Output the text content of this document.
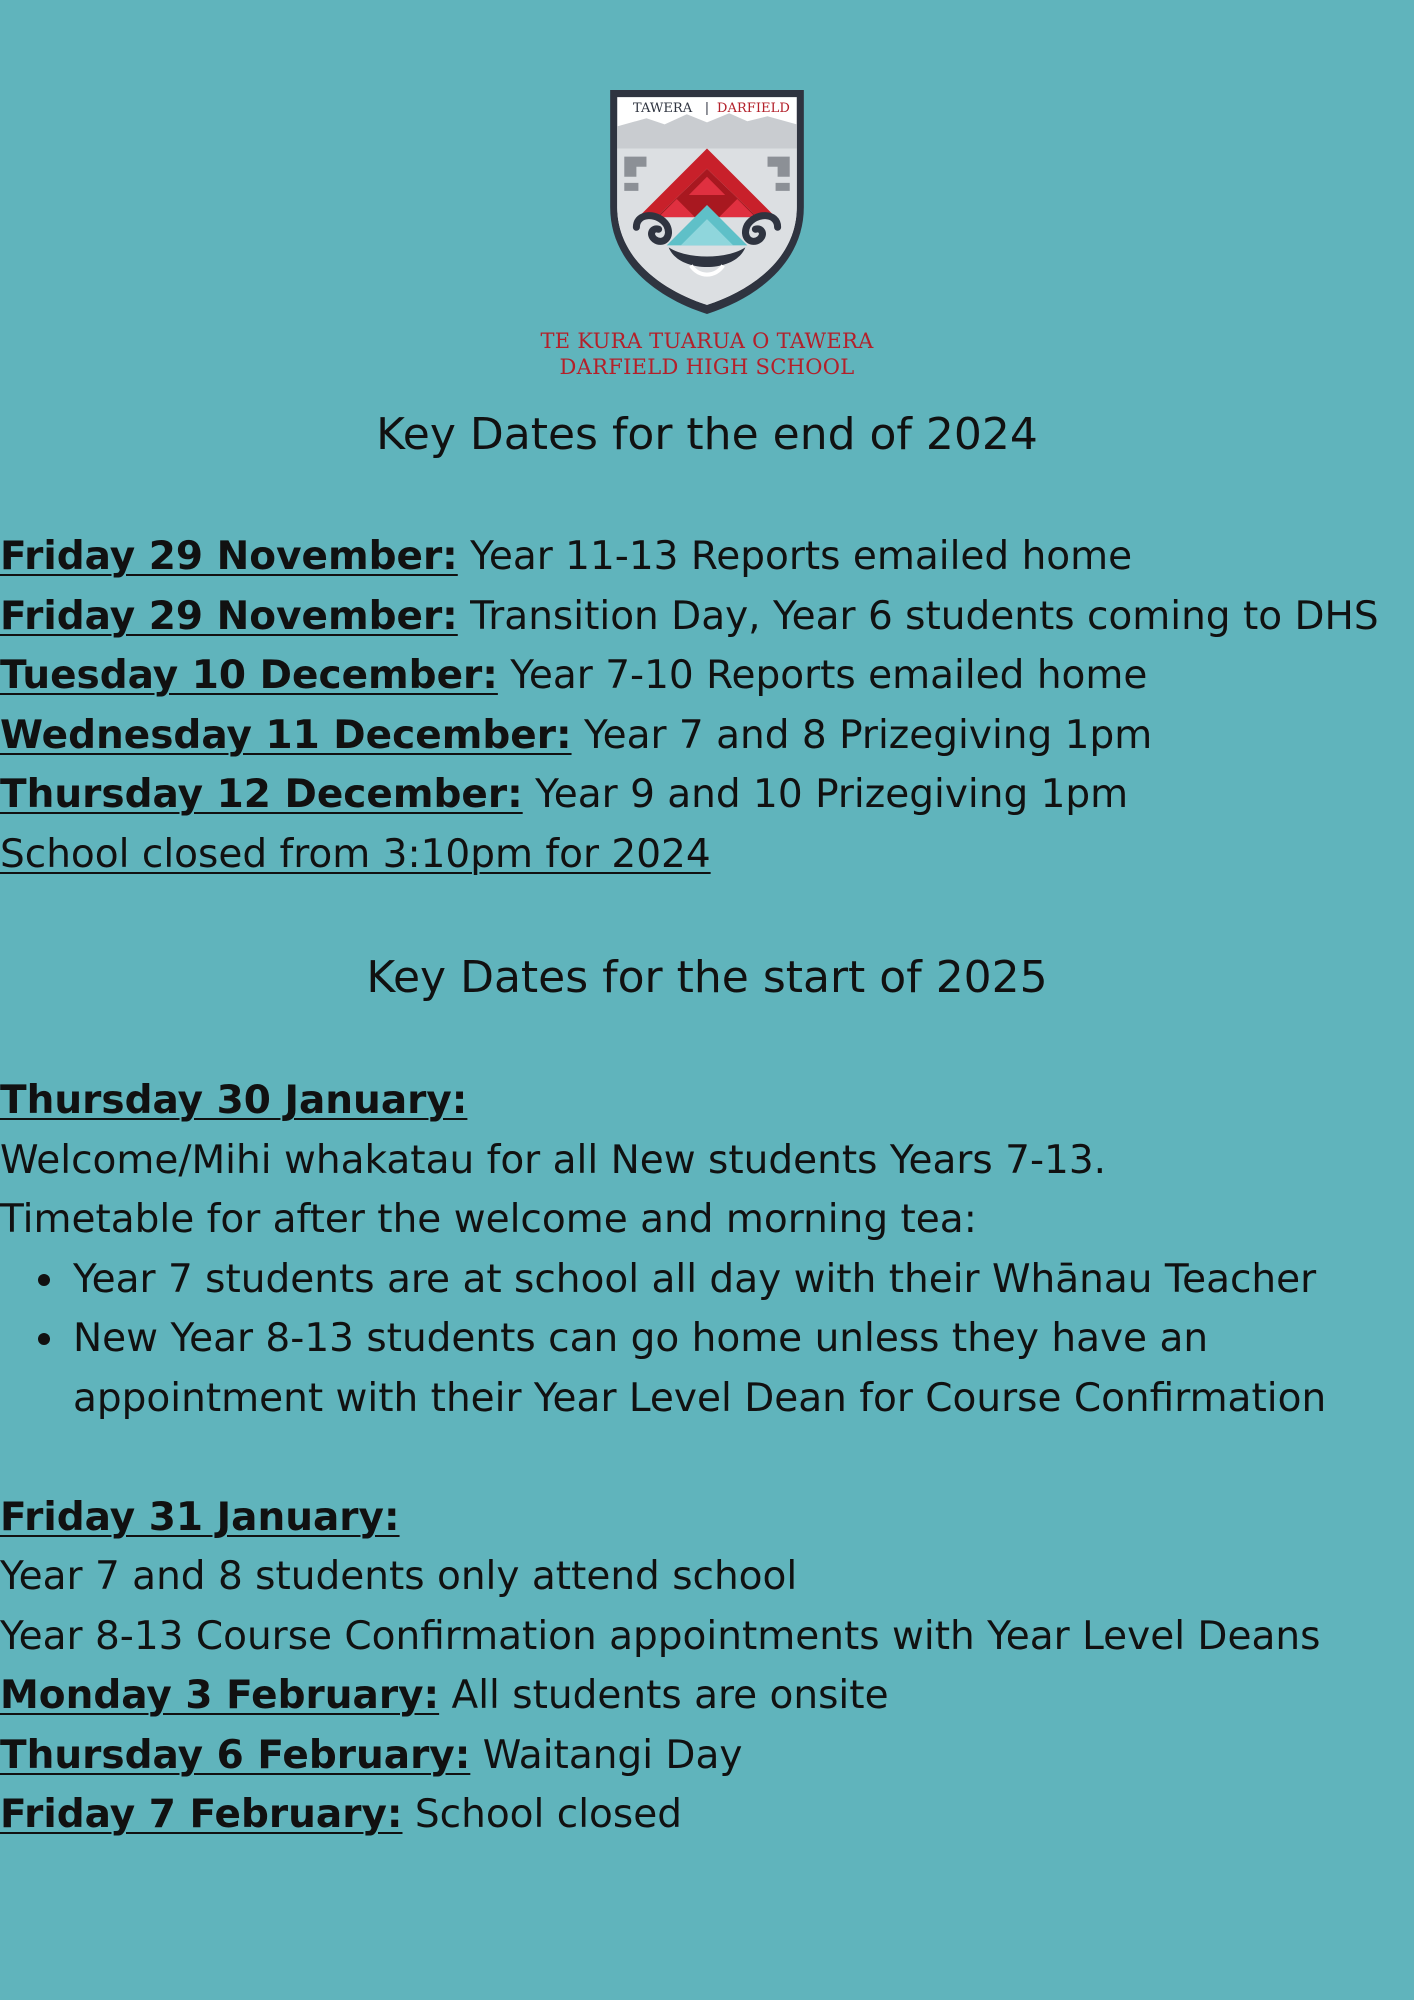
TAWERA | DARFIELD
TE KURA TUARUA O TAWERA
DARFIELD HIGH SCHOOL
Key Dates for the end of 2024
Friday 29 November: Year 11-13 Reports emailed home
Friday 29 November: Transition Day, Year 6 students coming to DHS
Tuesday 10 December: Year 7-10 Reports emailed home
Wednesday 11 December: Year 7 and 8 Prizegiving 1pm
Thursday 12 December: Year 9 and 10 Prizegiving 1pm
School closed from 3:10pm for 2024
Key Dates for the start of 2025
Thursday 30 January:
Welcome/Mihi whakatau for all New students Years 7-13.
Timetable for after the welcome and morning tea:
Year 7 students are at school all day with their Whānau Teacher
New Year 8-13 students can go home unless they have an
appointment with their Year Level Dean for Course Confirmation
Friday 31 January:
Year 7 and 8 students only attend school
Year 8-13 Course Confirmation appointments with Year Level Deans
Monday 3 February: All students are onsite
Thursday 6 February: Waitangi Day
Friday 7 February: School closed
